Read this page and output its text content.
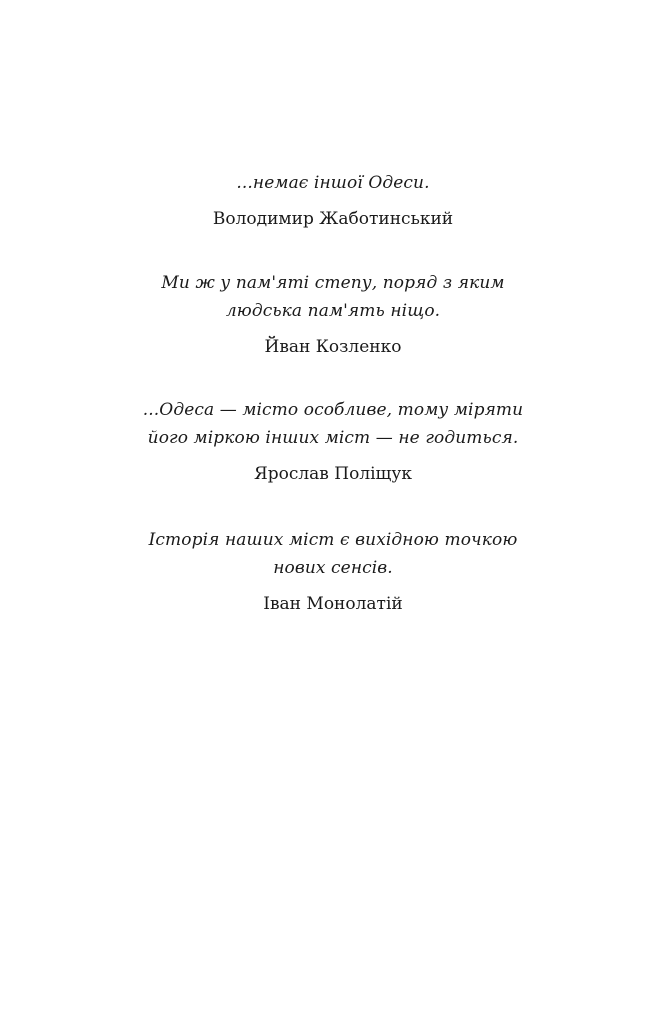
...немає іншої Одеси.
Володимир Жаботинський
Ми ж у пам'яті степу, поряд з яким
людська пам'ять ніщо.
Йван Козленко
...Одеса — місто особливе, тому міряти
його міркою інших міст — не годиться.
Ярослав Поліщук
Історія наших міст є вихідною точкою
нових сенсів.
Іван Монолатій
